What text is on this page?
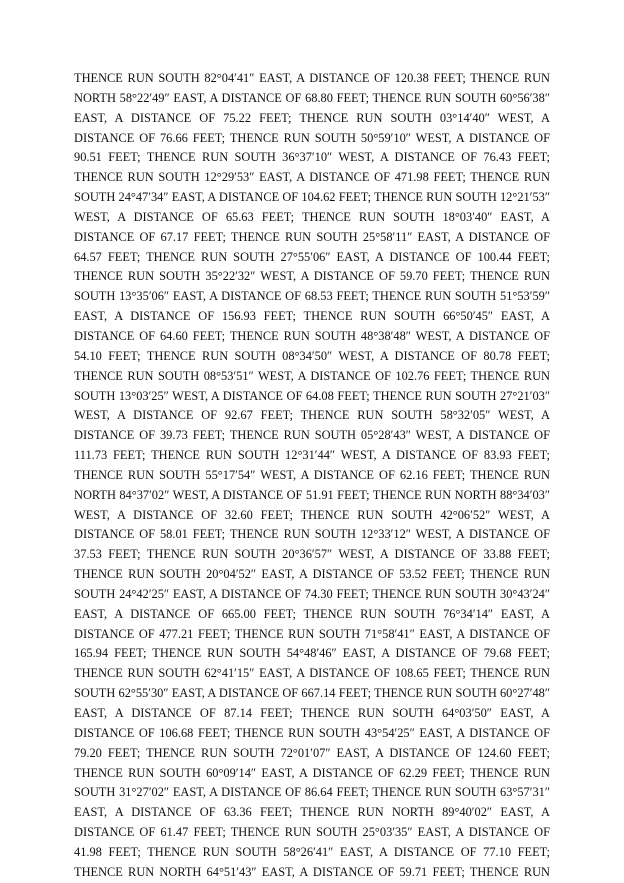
THENCE RUN SOUTH 82°04′41″ EAST, A DISTANCE OF 120.38 FEET; THENCE RUN
NORTH 58°22′49″ EAST, A DISTANCE OF 68.80 FEET; THENCE RUN SOUTH 60°56′38″
EAST, A DISTANCE OF 75.22 FEET; THENCE RUN SOUTH 03°14′40″ WEST, A
DISTANCE OF 76.66 FEET; THENCE RUN SOUTH 50°59′10″ WEST, A DISTANCE OF
90.51 FEET; THENCE RUN SOUTH 36°37′10″ WEST, A DISTANCE OF 76.43 FEET;
THENCE RUN SOUTH 12°29′53″ EAST, A DISTANCE OF 471.98 FEET; THENCE RUN
SOUTH 24°47′34″ EAST, A DISTANCE OF 104.62 FEET; THENCE RUN SOUTH 12°21′53″
WEST, A DISTANCE OF 65.63 FEET; THENCE RUN SOUTH 18°03′40″ EAST, A
DISTANCE OF 67.17 FEET; THENCE RUN SOUTH 25°58′11″ EAST, A DISTANCE OF
64.57 FEET; THENCE RUN SOUTH 27°55′06″ EAST, A DISTANCE OF 100.44 FEET;
THENCE RUN SOUTH 35°22′32″ WEST, A DISTANCE OF 59.70 FEET; THENCE RUN
SOUTH 13°35′06″ EAST, A DISTANCE OF 68.53 FEET; THENCE RUN SOUTH 51°53′59″
EAST, A DISTANCE OF 156.93 FEET; THENCE RUN SOUTH 66°50′45″ EAST, A
DISTANCE OF 64.60 FEET; THENCE RUN SOUTH 48°38′48″ WEST, A DISTANCE OF
54.10 FEET; THENCE RUN SOUTH 08°34′50″ WEST, A DISTANCE OF 80.78 FEET;
THENCE RUN SOUTH 08°53′51″ WEST, A DISTANCE OF 102.76 FEET; THENCE RUN
SOUTH 13°03′25″ WEST, A DISTANCE OF 64.08 FEET; THENCE RUN SOUTH 27°21′03″
WEST, A DISTANCE OF 92.67 FEET; THENCE RUN SOUTH 58°32′05″ WEST, A
DISTANCE OF 39.73 FEET; THENCE RUN SOUTH 05°28′43″ WEST, A DISTANCE OF
111.73 FEET; THENCE RUN SOUTH 12°31′44″ WEST, A DISTANCE OF 83.93 FEET;
THENCE RUN SOUTH 55°17′54″ WEST, A DISTANCE OF 62.16 FEET; THENCE RUN
NORTH 84°37′02″ WEST, A DISTANCE OF 51.91 FEET; THENCE RUN NORTH 88°34′03″
WEST, A DISTANCE OF 32.60 FEET; THENCE RUN SOUTH 42°06′52″ WEST, A
DISTANCE OF 58.01 FEET; THENCE RUN SOUTH 12°33′12″ WEST, A DISTANCE OF
37.53 FEET; THENCE RUN SOUTH 20°36′57″ WEST, A DISTANCE OF 33.88 FEET;
THENCE RUN SOUTH 20°04′52″ EAST, A DISTANCE OF 53.52 FEET; THENCE RUN
SOUTH 24°42′25″ EAST, A DISTANCE OF 74.30 FEET; THENCE RUN SOUTH 30°43′24″
EAST, A DISTANCE OF 665.00 FEET; THENCE RUN SOUTH 76°34′14″ EAST, A
DISTANCE OF 477.21 FEET; THENCE RUN SOUTH 71°58′41″ EAST, A DISTANCE OF
165.94 FEET; THENCE RUN SOUTH 54°48′46″ EAST, A DISTANCE OF 79.68 FEET;
THENCE RUN SOUTH 62°41′15″ EAST, A DISTANCE OF 108.65 FEET; THENCE RUN
SOUTH 62°55′30″ EAST, A DISTANCE OF 667.14 FEET; THENCE RUN SOUTH 60°27′48″
EAST, A DISTANCE OF 87.14 FEET; THENCE RUN SOUTH 64°03′50″ EAST, A
DISTANCE OF 106.68 FEET; THENCE RUN SOUTH 43°54′25″ EAST, A DISTANCE OF
79.20 FEET; THENCE RUN SOUTH 72°01′07″ EAST, A DISTANCE OF 124.60 FEET;
THENCE RUN SOUTH 60°09′14″ EAST, A DISTANCE OF 62.29 FEET; THENCE RUN
SOUTH 31°27′02″ EAST, A DISTANCE OF 86.64 FEET; THENCE RUN SOUTH 63°57′31″
EAST, A DISTANCE OF 63.36 FEET; THENCE RUN NORTH 89°40′02″ EAST, A
DISTANCE OF 61.47 FEET; THENCE RUN SOUTH 25°03′35″ EAST, A DISTANCE OF
41.98 FEET; THENCE RUN SOUTH 58°26′41″ EAST, A DISTANCE OF 77.10 FEET;
THENCE RUN NORTH 64°51′43″ EAST, A DISTANCE OF 59.71 FEET; THENCE RUN
